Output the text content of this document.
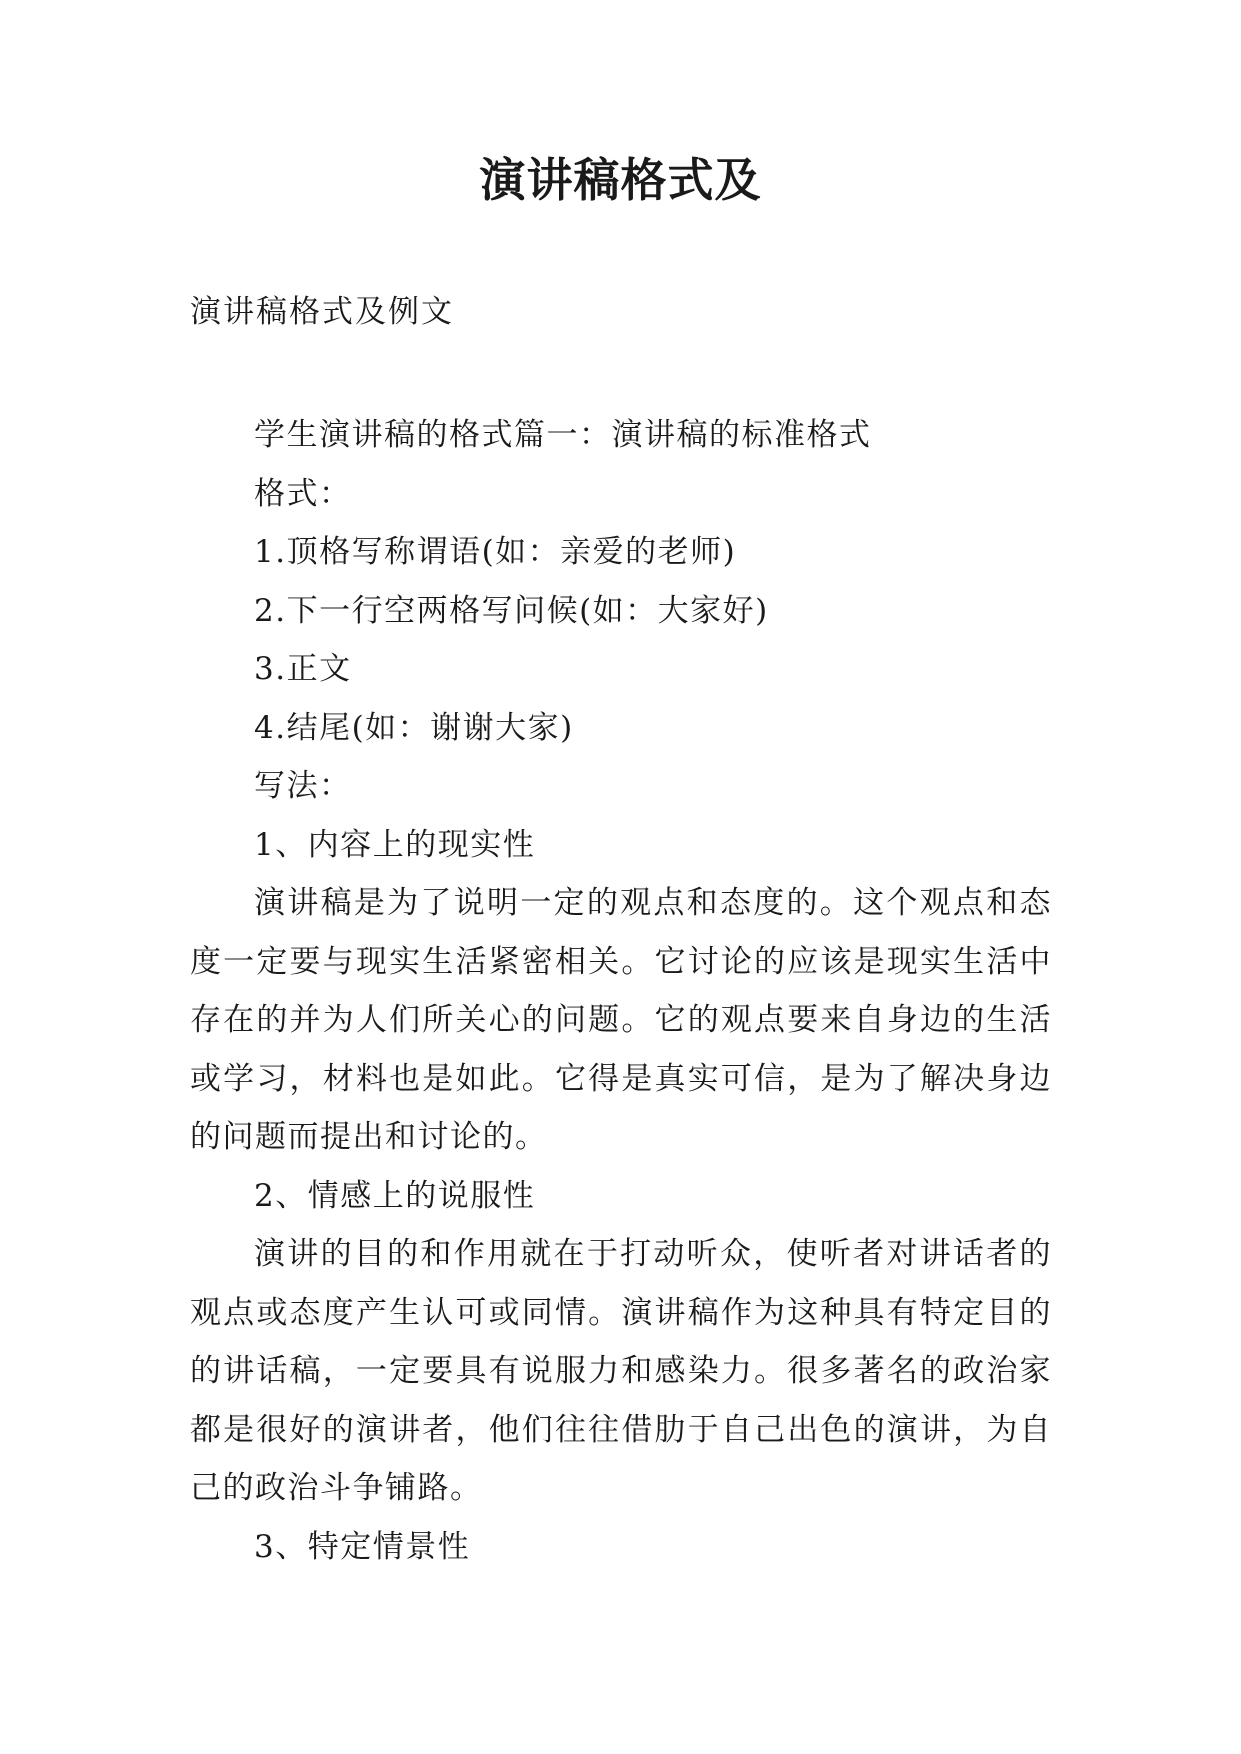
演讲稿格式及
演讲稿格式及例文

学生演讲稿的格式篇一：演讲稿的标准格式

格式：

1.顶格写称谓语(如：亲爱的老师)

2.下一行空两格写问候(如：大家好)

3.正文

4.结尾(如：谢谢大家)

写法：

1、内容上的现实性

演讲稿是为了说明一定的观点和态度的。这个观点和态度一定要与现实生活紧密相关。它讨论的应该是现实生活中存在的并为人们所关心的问题。它的观点要来自身边的生活或学习，材料也是如此。它得是真实可信，是为了解决身边的问题而提出和讨论的。

2、情感上的说服性

演讲的目的和作用就在于打动听众，使听者对讲话者的观点或态度产生认可或同情。演讲稿作为这种具有特定目的的讲话稿，一定要具有说服力和感染力。很多著名的政治家都是很好的演讲者，他们往往借肋于自己出色的演讲，为自己的政治斗争铺路。

3、特定情景性
